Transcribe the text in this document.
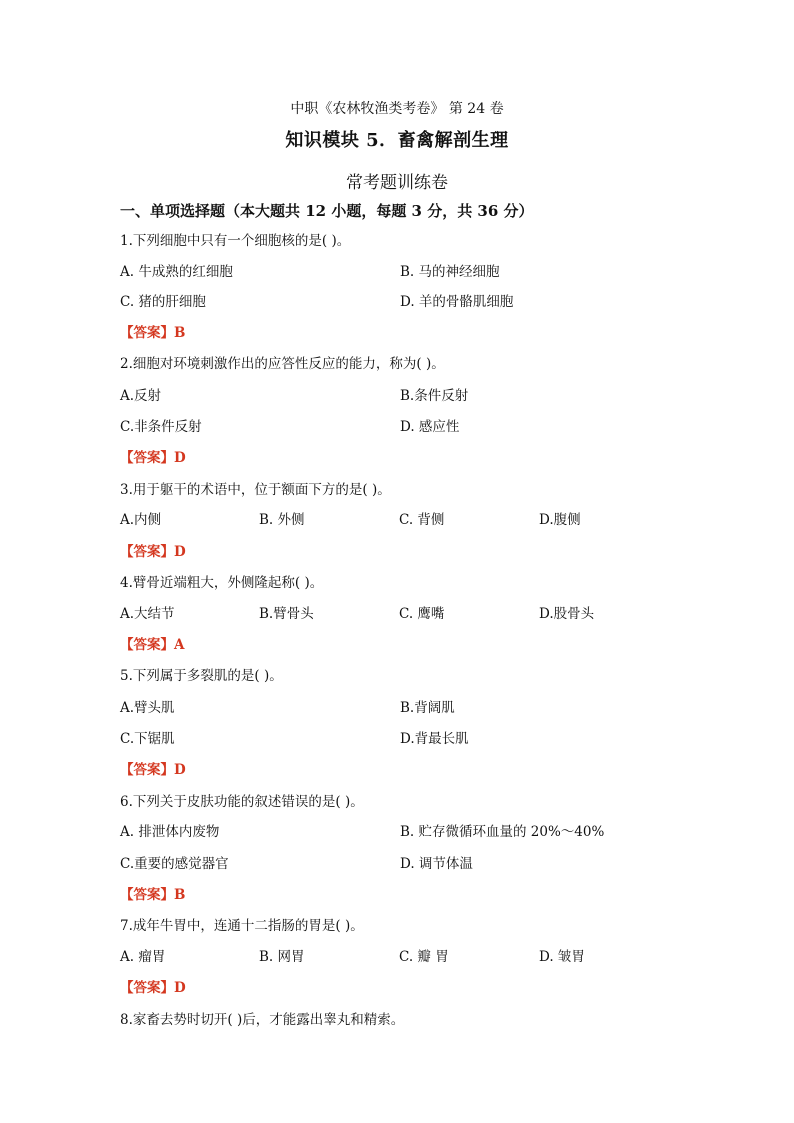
中职《农林牧渔类考卷》 第 24 卷
知识模块 5．畜禽解剖生理
常考题训练卷
一、单项选择题（本大题共 12 小题，每题 3 分，共 36 分）
1.下列细胞中只有一个细胞核的是( )。
A. 牛成熟的红细胞	B. 马的神经细胞
C. 猪的肝细胞	D. 羊的骨骼肌细胞
【答案】B
2.细胞对环境刺激作出的应答性反应的能力，称为( )。
A.反射	B.条件反射
C.非条件反射	D. 感应性
【答案】D
3.用于躯干的术语中，位于额面下方的是( )。
A.内侧	B. 外侧	C. 背侧	D.腹侧
【答案】D
4.臂骨近端粗大，外侧隆起称( )。
A.大结节	B.臂骨头	C. 鹰嘴	D.股骨头
【答案】A
5.下列属于多裂肌的是( )。
A.臂头肌	B.背阔肌
C.下锯肌	D.背最长肌
【答案】D
6.下列关于皮肤功能的叙述错误的是( )。
A. 排泄体内废物	B. 贮存微循环血量的 20%～40%
C.重要的感觉器官	D. 调节体温
【答案】B
7.成年牛胃中，连通十二指肠的胃是( )。
A. 瘤胃	B. 网胃	C. 瓣 胃	D. 皱胃
【答案】D
8.家畜去势时切开( )后，才能露出睾丸和精索。
